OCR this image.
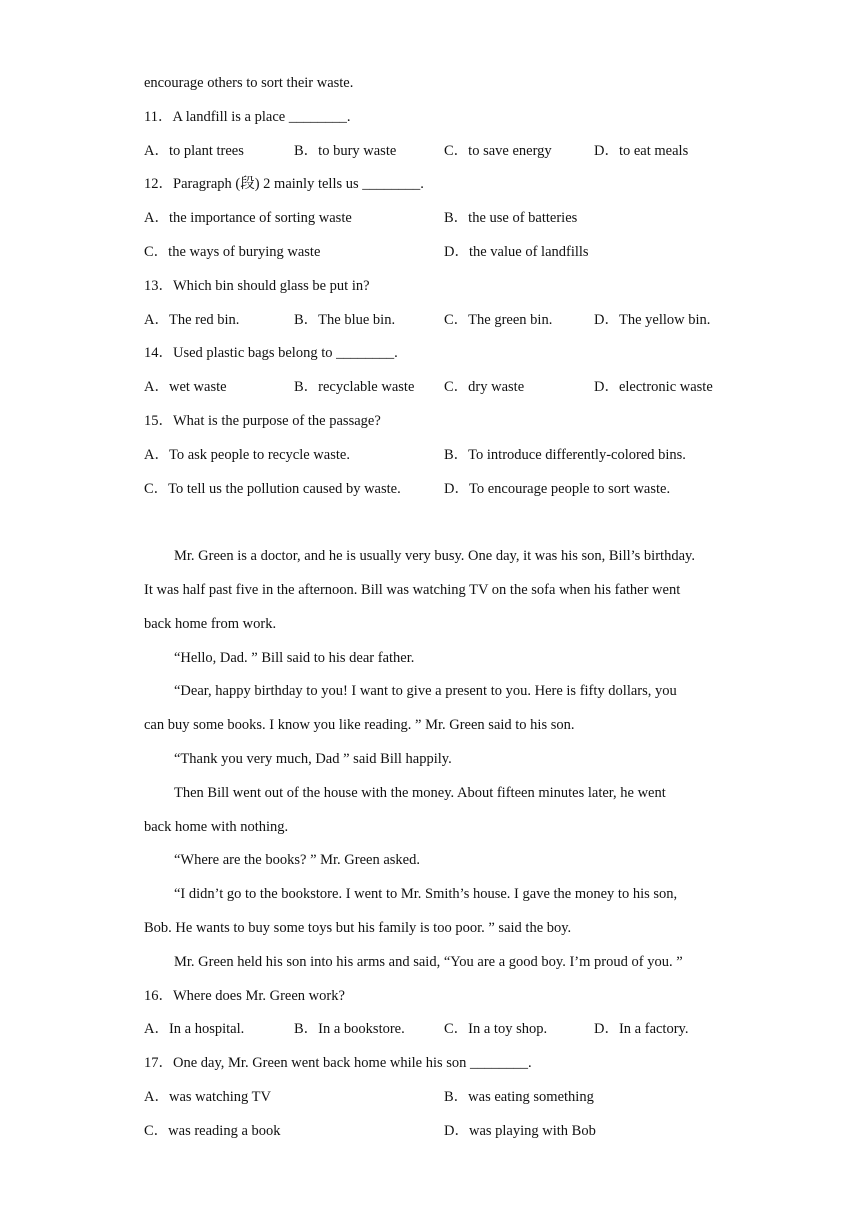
encourage others to sort their waste.
11．A landfill is a place ________.
A．to plant trees	B．to bury waste	C．to save energy	D．to eat meals
12．Paragraph (段) 2 mainly tells us ________.
A．the importance of sorting waste	B．the use of batteries
C．the ways of burying waste	D．the value of landfills
13．Which bin should glass be put in?
A．The red bin.	B．The blue bin.	C．The green bin.	D．The yellow bin.
14．Used plastic bags belong to ________.
A．wet waste	B．recyclable waste C．dry waste	D．electronic waste
15．What is the purpose of the passage?
A．To ask people to recycle waste.	B．To introduce differently-colored bins.
C．To tell us the pollution caused by waste.	D．To encourage people to sort waste.
Mr. Green is a doctor, and he is usually very busy. One day, it was his son, Bill’s birthday.
It was half past five in the afternoon. Bill was watching TV on the sofa when his father went
back home from work.
“Hello, Dad. ” Bill said to his dear father.
“Dear, happy birthday to you! I want to give a present to you. Here is fifty dollars, you
can buy some books. I know you like reading. ” Mr. Green said to his son.
“Thank you very much, Dad ” said Bill happily.
Then Bill went out of the house with the money. About fifteen minutes later, he went
back home with nothing.
“Where are the books? ” Mr. Green asked.
“I didn’t go to the bookstore. I went to Mr. Smith’s house. I gave the money to his son,
Bob. He wants to buy some toys but his family is too poor. ” said the boy.
Mr. Green held his son into his arms and said, “You are a good boy. I’m proud of you. ”
16．Where does Mr. Green work?
A．In a hospital.	B．In a bookstore.	C．In a toy shop.	D．In a factory.
17．One day, Mr. Green went back home while his son ________.
A．was watching TV	B．was eating something
C．was reading a book	D．was playing with Bob
